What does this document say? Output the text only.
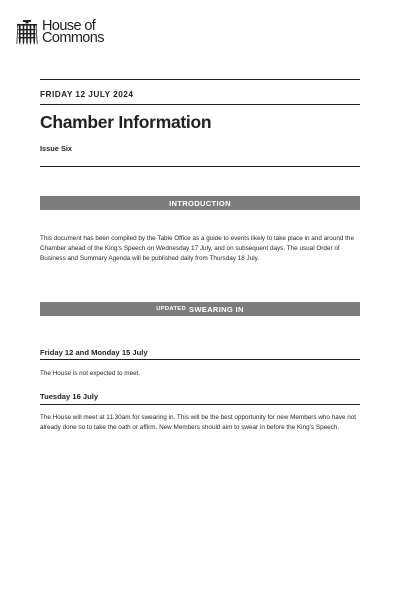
House of
Commons
FRIDAY 12 JULY 2024
Chamber Information
Issue Six
INTRODUCTION

This document has been compiled by the Table Office as a guide to events likely to take place in and around the Chamber ahead of the King’s Speech on Wednesday 17 July, and on subsequent days. The usual Order of Business and Summary Agenda will be published daily from Thursday 18 July.

UPDATED SWEARING IN
Friday 12 and Monday 15 July

The House is not expected to meet.

Tuesday 16 July

The House will meet at 11.30am for swearing in. This will be the best opportunity for new Members who have not already done so to take the oath or affirm. New Members should aim to swear in before the King’s Speech.
